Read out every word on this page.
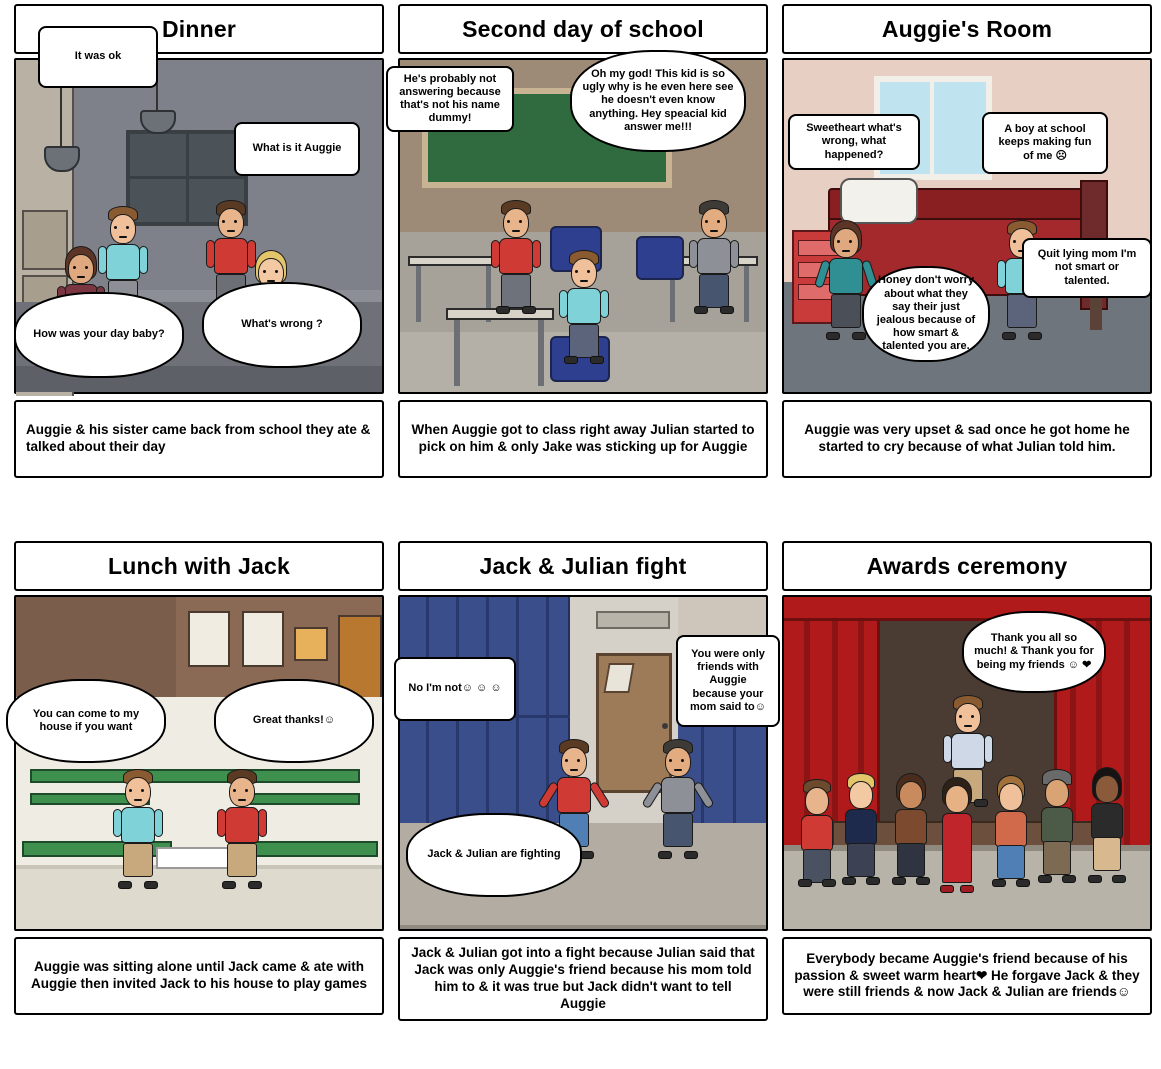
Dinner
It was ok
What is it Auggie
How was your day baby?
What's wrong ?
Auggie & his sister came back from school they ate & talked about their day
Second day of school
He's probably not answering because that's not his name dummy!
Oh my god! This kid is so ugly why is he even here see he doesn't even know anything. Hey speacial kid answer me!!!
When Auggie got to class right away Julian started to pick on him & only Jake was sticking up for Auggie
Auggie's Room
Sweetheart what's wrong, what happened?
A boy at school keeps making fun of me ☹
Quit lying mom I'm not smart or talented.
Honey don't worry about what they say their just jealous because of how smart & talented you are.
Auggie was very upset & sad once he got home he started to cry because of what Julian told him.
Lunch with Jack
You can come to my house if you want
Great thanks!☺
Auggie was sitting alone until Jack came & ate with Auggie then invited Jack to his house to play games
Jack & Julian fight
No I'm not☺ ☺ ☺
You were only friends with Auggie because your mom said to☺
Jack & Julian are fighting
Jack & Julian got into a fight because Julian said that Jack was only Auggie's friend because his mom told him to & it was true but Jack didn't want to tell Auggie
Awards ceremony
Thank you all so much! & Thank you for being my friends ☺ ❤
Everybody became Auggie's friend because of his passion & sweet warm heart❤ He forgave Jack & they were still friends & now Jack & Julian are friends☺
